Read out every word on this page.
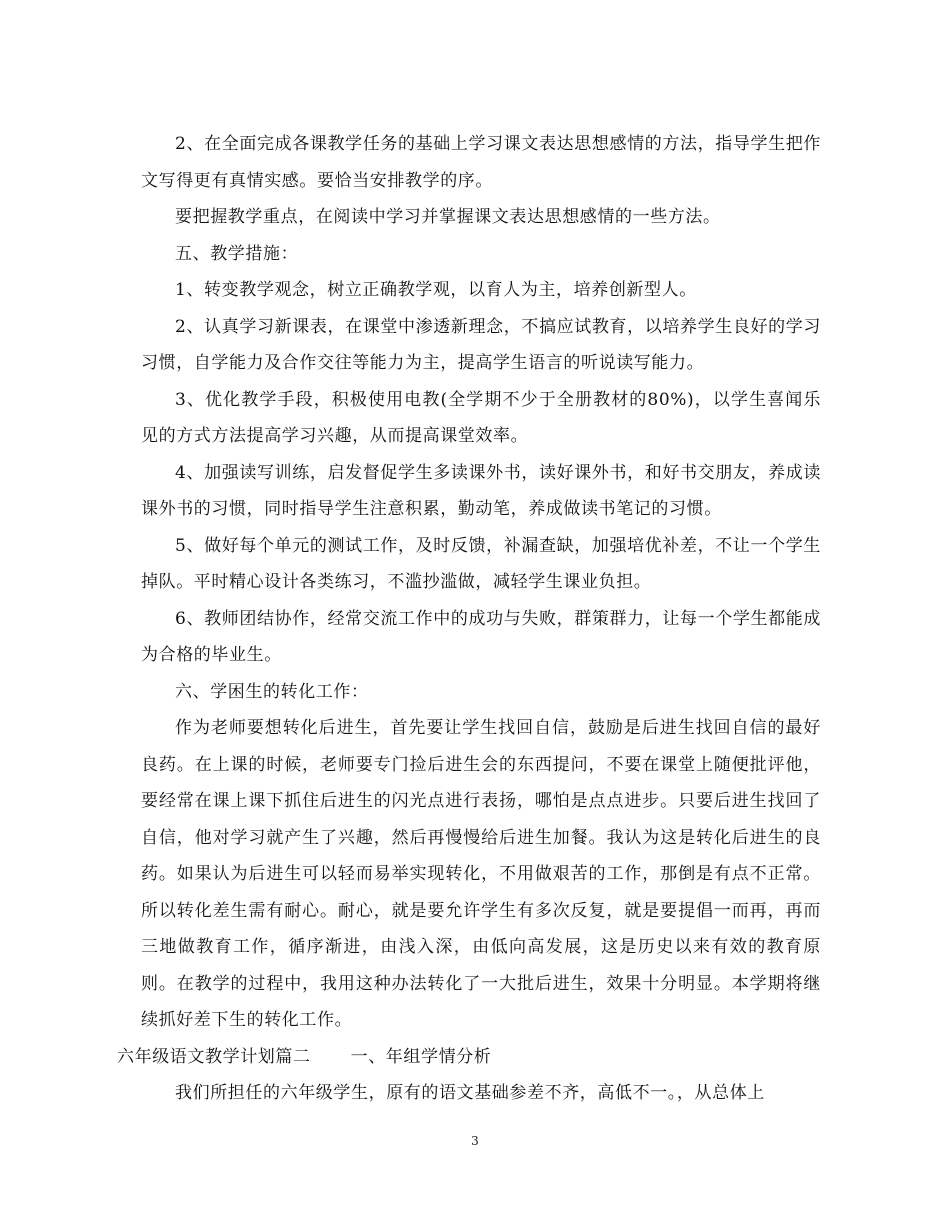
2、在全面完成各课教学任务的基础上学习课文表达思想感情的方法，指导学生把作文写得更有真情实感。要恰当安排教学的序。

要把握教学重点，在阅读中学习并掌握课文表达思想感情的一些方法。

五、教学措施：

1、转变教学观念，树立正确教学观，以育人为主，培养创新型人。

2、认真学习新课表，在课堂中渗透新理念，不搞应试教育，以培养学生良好的学习习惯，自学能力及合作交往等能力为主，提高学生语言的听说读写能力。

3、优化教学手段，积极使用电教(全学期不少于全册教材的80%)，以学生喜闻乐见的方式方法提高学习兴趣，从而提高课堂效率。

4、加强读写训练，启发督促学生多读课外书，读好课外书，和好书交朋友，养成读课外书的习惯，同时指导学生注意积累，勤动笔，养成做读书笔记的习惯。

5、做好每个单元的测试工作，及时反馈，补漏查缺，加强培优补差，不让一个学生掉队。平时精心设计各类练习，不滥抄滥做，减轻学生课业负担。

6、教师团结协作，经常交流工作中的成功与失败，群策群力，让每一个学生都能成为合格的毕业生。

六、学困生的转化工作：

作为老师要想转化后进生，首先要让学生找回自信，鼓励是后进生找回自信的最好良药。在上课的时候，老师要专门捡后进生会的东西提问，不要在课堂上随便批评他，要经常在课上课下抓住后进生的闪光点进行表扬，哪怕是点点进步。只要后进生找回了自信，他对学习就产生了兴趣，然后再慢慢给后进生加餐。我认为这是转化后进生的良药。如果认为后进生可以轻而易举实现转化，不用做艰苦的工作，那倒是有点不正常。所以转化差生需有耐心。耐心，就是要允许学生有多次反复，就是要提倡一而再，再而三地做教育工作，循序渐进，由浅入深，由低向高发展，这是历史以来有效的教育原则。在教学的过程中，我用这种办法转化了一大批后进生，效果十分明显。本学期将继续抓好差下生的转化工作。

六年级语文教学计划篇二 一、年组学情分析

我们所担任的六年级学生，原有的语文基础参差不齐，高低不一。，从总体上

3
